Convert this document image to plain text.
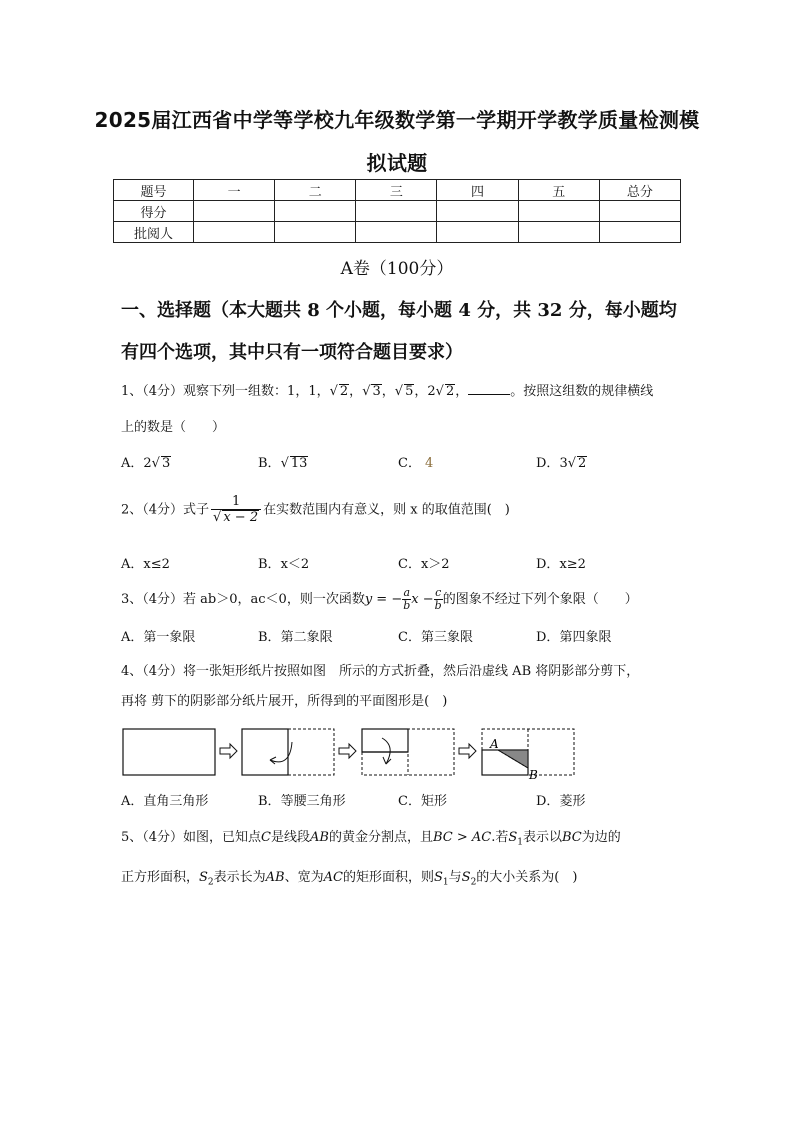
2025届江西省中学等学校九年级数学第一学期开学教学质量检测模
拟试题
题号	一	二	三	四	五	总分
得分						
批阅人						
A卷（100分）
一、选择题（本大题共 8 个小题，每小题 4 分，共 32 分，每小题均
有四个选项，其中只有一项符合题目要求）
1、（4分）观察下列一组数：1，1，√ 2，√ 3，√ 5，2√ 2，	。按照这组数的规律横线
上的数是（　　）
A．2√ 3	B．√ 13	C． 4	D．3√ 2
2、（4分）式子 $\frac{1}{√ x - 2}$ 在实数范围内有意义，则 x 的取值范围(　)
A．x≤2	B．x＜2	C．x＞2	D．x≥2
3、（4分）若 ab＞0，ac＜0，则一次函数y = − $\frac{a}{b}$ $x - \frac{c}{b}$ 的图象不经过下列个象限（　　）
A．第一象限	B．第二象限	C．第三象限	D．第四象限
4、（4分）将一张矩形纸片按照如图　所示的方式折叠，然后沿虚线 AB 将阴影部分剪下，
再将 剪下的阴影部分纸片展开，所得到的平面图形是(　)
A
B
A．直角三角形	B．等腰三角形	C．矩形	D．菱形
5、（4分）如图，已知点C是线段AB的黄金分割点，且BC > AC.若$S_1$表示以BC为边的
正方形面积，$S_2$表示长为AB、宽为AC的矩形面积，则$S_1$与$S_2$的大小关系为(　)
